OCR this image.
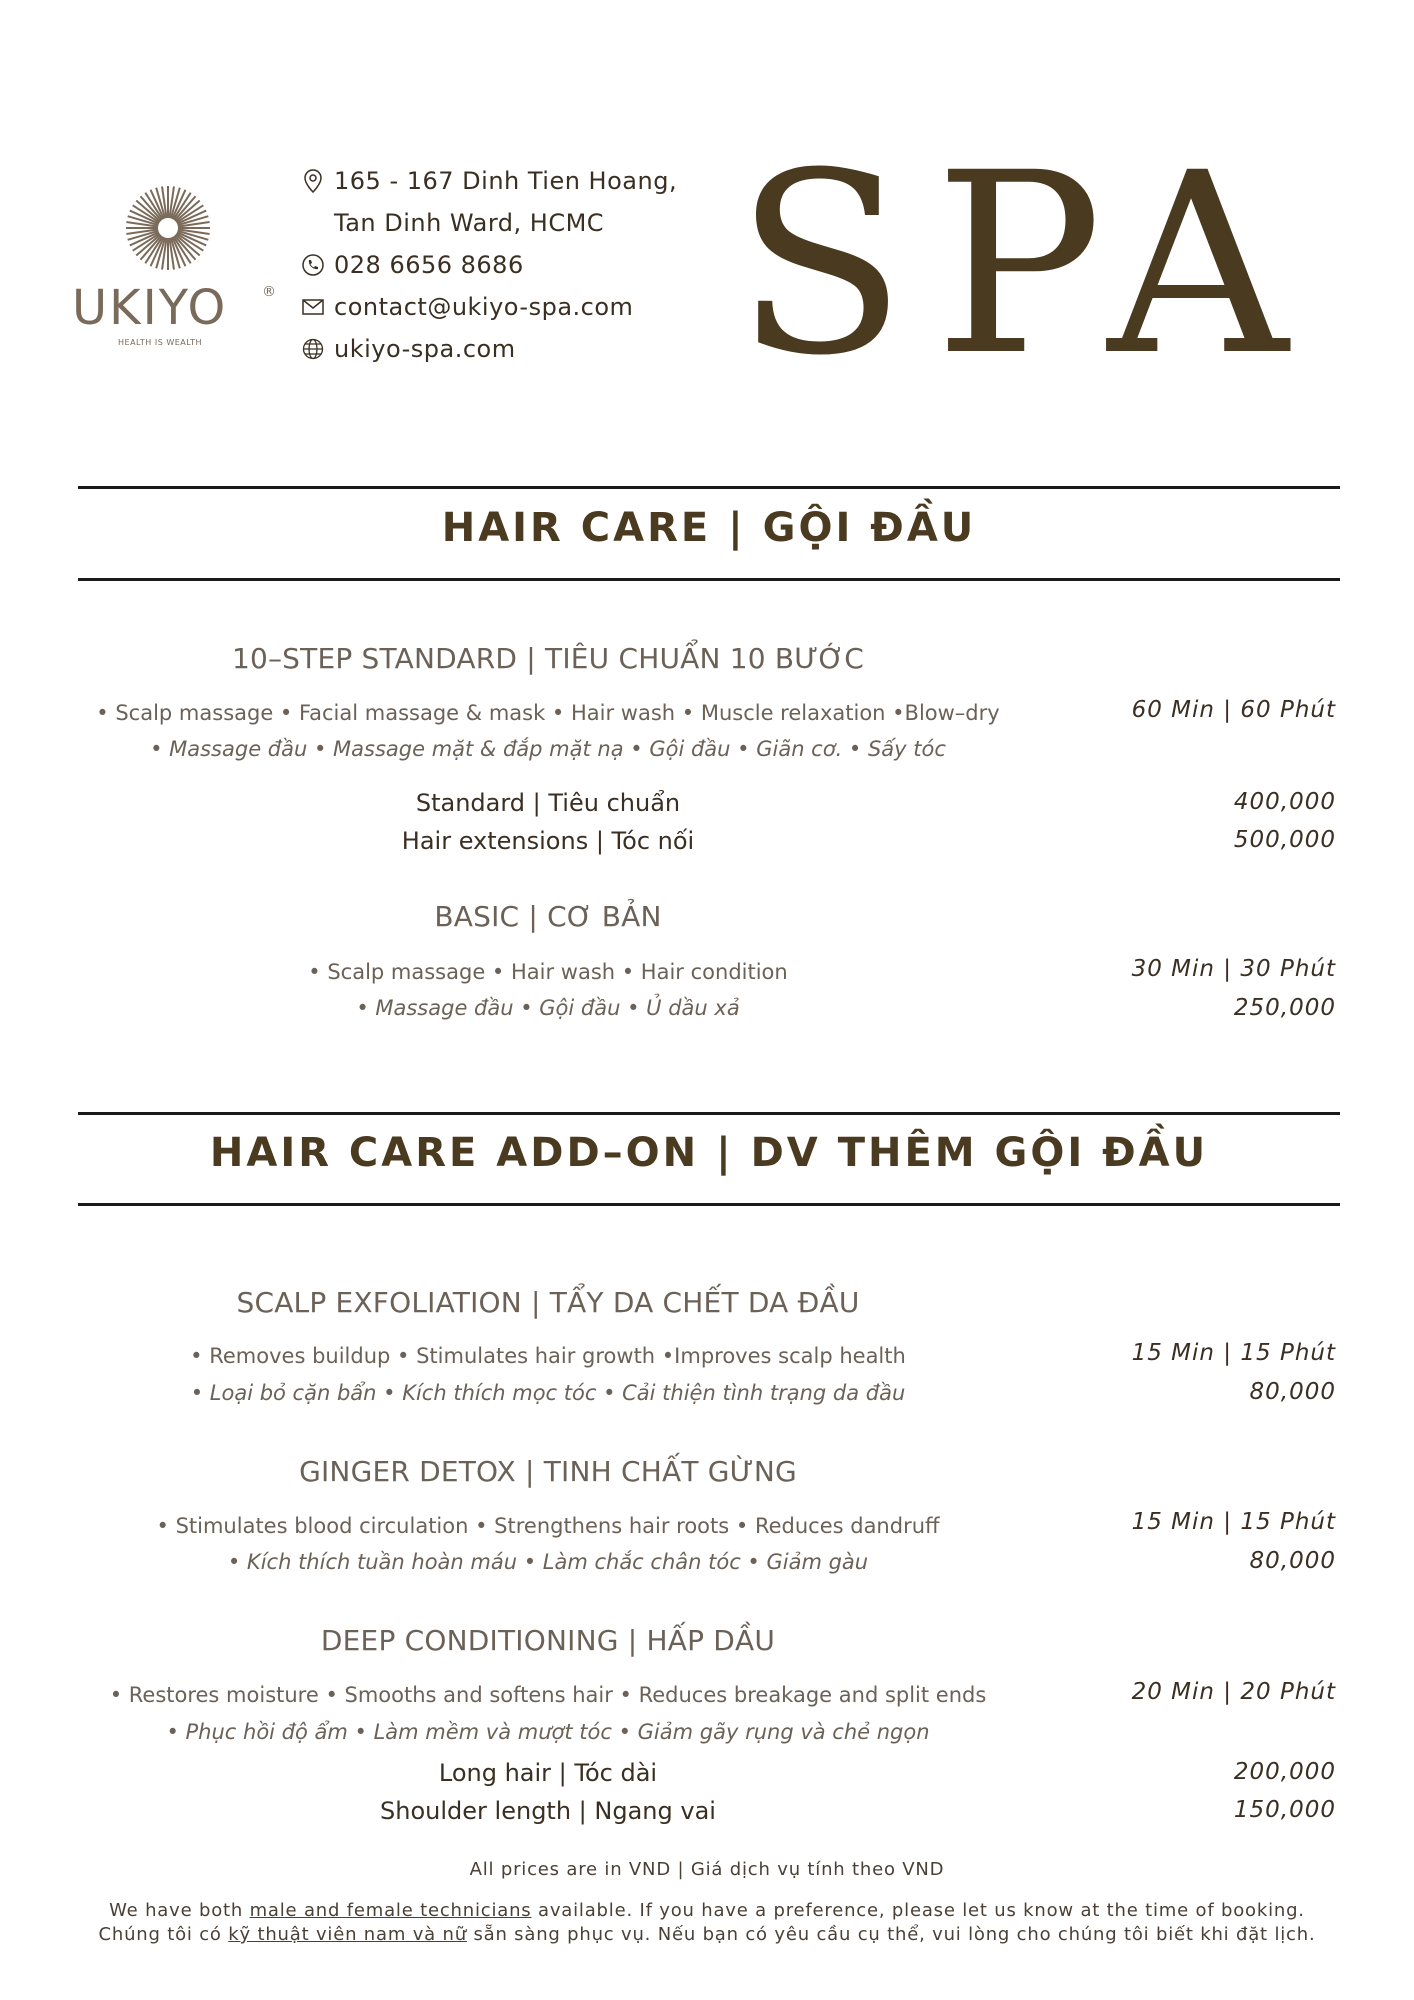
UKIYO ®
HEALTH IS WEALTH
165 - 167 Dinh Tien Hoang,
Tan Dinh Ward, HCMC
028 6656 8686
contact@ukiyo-spa.com
ukiyo-spa.com SPA
HAIR CARE | GỘI ĐẦU
10–STEP STANDARD | TIÊU CHUẨN 10 BƯỚC
• Scalp massage • Facial massage & mask • Hair wash • Muscle relaxation •Blow–dry
• Massage đầu • Massage mặt & đắp mặt nạ • Gội đầu • Giãn cơ. • Sấy tóc
60 Min | 60 Phút
Standard | Tiêu chuẩn	400,000
Hair extensions | Tóc nối	500,000
BASIC | CƠ BẢN
• Scalp massage • Hair wash • Hair condition
• Massage đầu • Gội đầu • Ủ dầu xả
30 Min | 30 Phút
250,000
HAIR CARE ADD–ON | DV THÊM GỘI ĐẦU
SCALP EXFOLIATION | TẨY DA CHẾT DA ĐẦU
• Removes buildup • Stimulates hair growth •Improves scalp health
• Loại bỏ cặn bẩn • Kích thích mọc tóc • Cải thiện tình trạng da đầu
15 Min | 15 Phút
80,000
GINGER DETOX | TINH CHẤT GỪNG
• Stimulates blood circulation • Strengthens hair roots • Reduces dandruff
• Kích thích tuần hoàn máu • Làm chắc chân tóc • Giảm gàu
15 Min | 15 Phút
80,000
DEEP CONDITIONING | HẤP DẦU
• Restores moisture • Smooths and softens hair • Reduces breakage and split ends
• Phục hồi độ ẩm • Làm mềm và mượt tóc • Giảm gãy rụng và chẻ ngọn
20 Min | 20 Phút
Long hair | Tóc dài	200,000
Shoulder length | Ngang vai	150,000
All prices are in VND | Giá dịch vụ tính theo VND
We have both male and female technicians available. If you have a preference, please let us know at the time of booking.
Chúng tôi có kỹ thuật viên nam và nữ sẵn sàng phục vụ. Nếu bạn có yêu cầu cụ thể, vui lòng cho chúng tôi biết khi đặt lịch.
